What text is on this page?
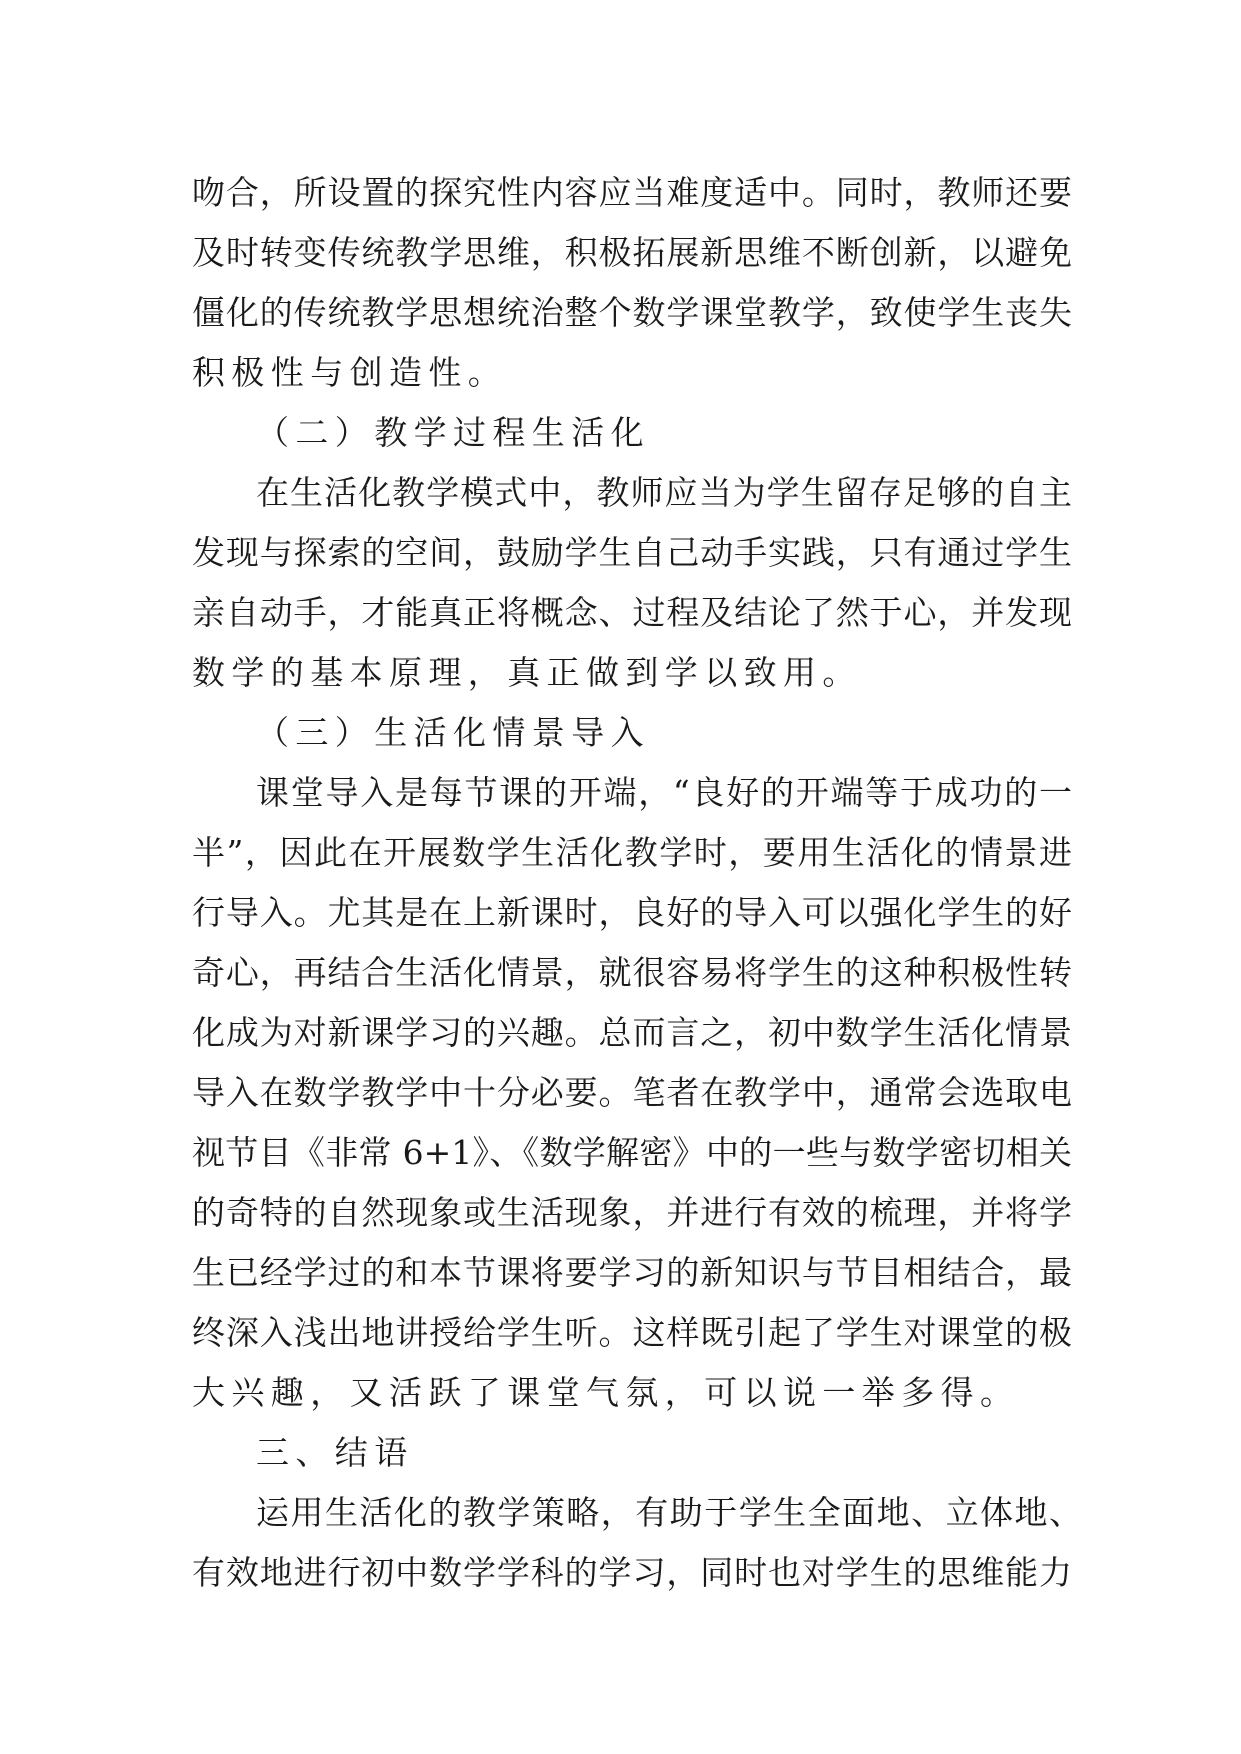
吻合，所设置的探究性内容应当难度适中。同时，教师还要
及时转变传统教学思维，积极拓展新思维不断创新，以避免
僵化的传统教学思想统治整个数学课堂教学，致使学生丧失
积极性与创造性。
（二）教学过程生活化
在生活化教学模式中，教师应当为学生留存足够的自主
发现与探索的空间，鼓励学生自己动手实践，只有通过学生
亲自动手，才能真正将概念、过程及结论了然于心，并发现
数学的基本原理，真正做到学以致用。
（三）生活化情景导入
课堂导入是每节课的开端，“良好的开端等于成功的一
半”，因此在开展数学生活化教学时，要用生活化的情景进
行导入。尤其是在上新课时，良好的导入可以强化学生的好
奇心，再结合生活化情景，就很容易将学生的这种积极性转
化成为对新课学习的兴趣。总而言之，初中数学生活化情景
导入在数学教学中十分必要。笔者在教学中，通常会选取电
视节目《非常 6+1》、《数学解密》中的一些与数学密切相关
的奇特的自然现象或生活现象，并进行有效的梳理，并将学
生已经学过的和本节课将要学习的新知识与节目相结合，最
终深入浅出地讲授给学生听。这样既引起了学生对课堂的极
大兴趣，又活跃了课堂气氛，可以说一举多得。
三、结语
运用生活化的教学策略，有助于学生全面地、立体地、
有效地进行初中数学学科的学习，同时也对学生的思维能力
